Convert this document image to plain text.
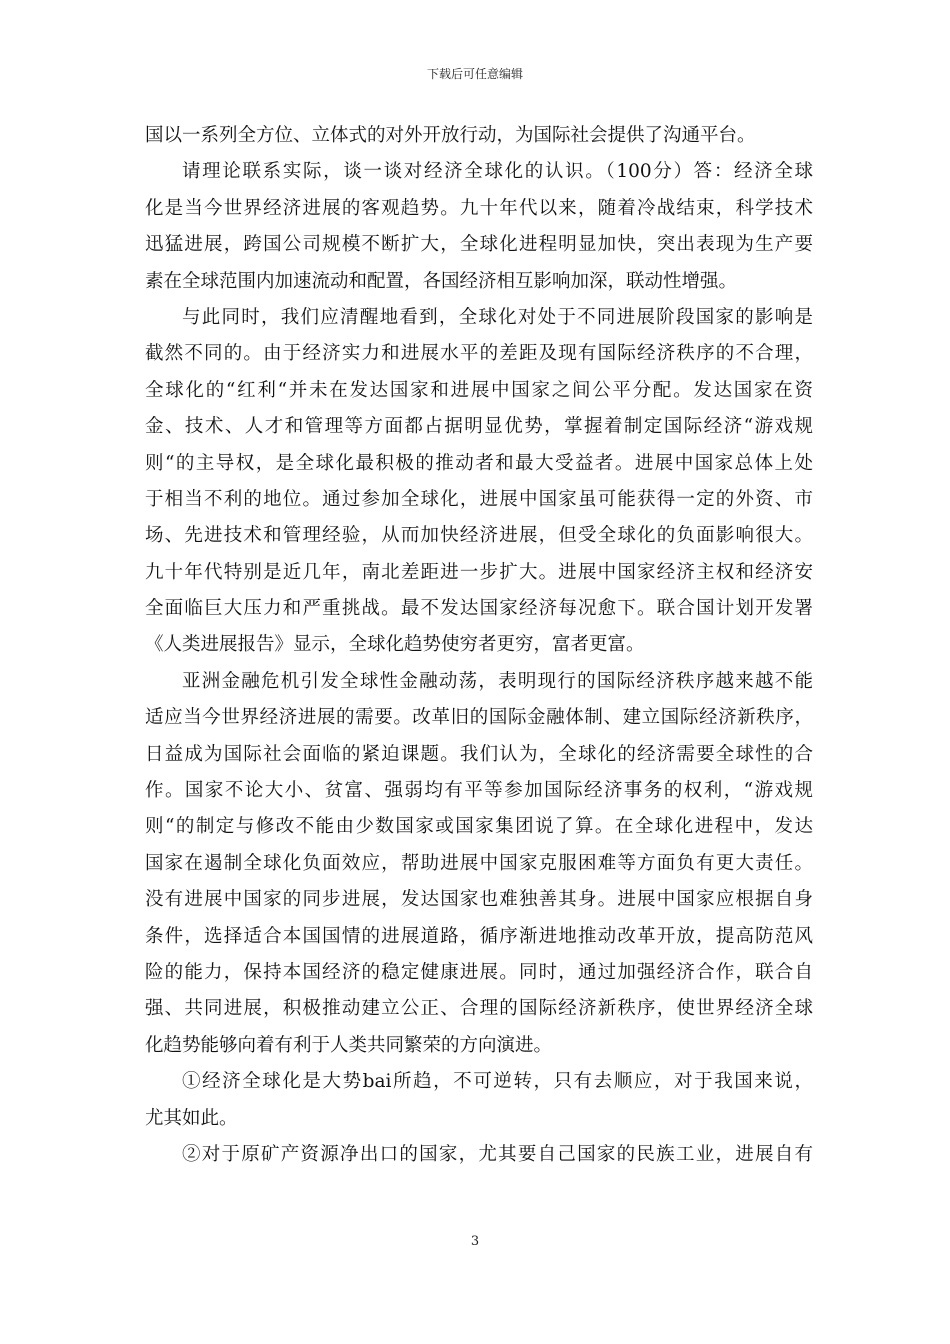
下载后可任意编辑
国以一系列全方位、立体式的对外开放行动，为国际社会提供了沟通平台。
请理论联系实际，谈一谈对经济全球化的认识。（100分）答：经济全球
化是当今世界经济进展的客观趋势。九十年代以来，随着冷战结束，科学技术
迅猛进展，跨国公司规模不断扩大，全球化进程明显加快，突出表现为生产要
素在全球范围内加速流动和配置，各国经济相互影响加深，联动性增强。
与此同时，我们应清醒地看到，全球化对处于不同进展阶段国家的影响是
截然不同的。由于经济实力和进展水平的差距及现有国际经济秩序的不合理，
全球化的“红利“并未在发达国家和进展中国家之间公平分配。发达国家在资
金、技术、人才和管理等方面都占据明显优势，掌握着制定国际经济“游戏规
则“的主导权，是全球化最积极的推动者和最大受益者。进展中国家总体上处
于相当不利的地位。通过参加全球化，进展中国家虽可能获得一定的外资、市
场、先进技术和管理经验，从而加快经济进展，但受全球化的负面影响很大。
九十年代特别是近几年，南北差距进一步扩大。进展中国家经济主权和经济安
全面临巨大压力和严重挑战。最不发达国家经济每况愈下。联合国计划开发署
《人类进展报告》显示，全球化趋势使穷者更穷，富者更富。
亚洲金融危机引发全球性金融动荡，表明现行的国际经济秩序越来越不能
适应当今世界经济进展的需要。改革旧的国际金融体制、建立国际经济新秩序，
日益成为国际社会面临的紧迫课题。我们认为，全球化的经济需要全球性的合
作。国家不论大小、贫富、强弱均有平等参加国际经济事务的权利，“游戏规
则“的制定与修改不能由少数国家或国家集团说了算。在全球化进程中，发达
国家在遏制全球化负面效应，帮助进展中国家克服困难等方面负有更大责任。
没有进展中国家的同步进展，发达国家也难独善其身。进展中国家应根据自身
条件，选择适合本国国情的进展道路，循序渐进地推动改革开放，提高防范风
险的能力，保持本国经济的稳定健康进展。同时，通过加强经济合作，联合自
强、共同进展，积极推动建立公正、合理的国际经济新秩序，使世界经济全球
化趋势能够向着有利于人类共同繁荣的方向演进。
①经济全球化是大势bai所趋，不可逆转，只有去顺应，对于我国来说，
尤其如此。
②对于原矿产资源净出口的国家，尤其要自己国家的民族工业，进展自有
3
